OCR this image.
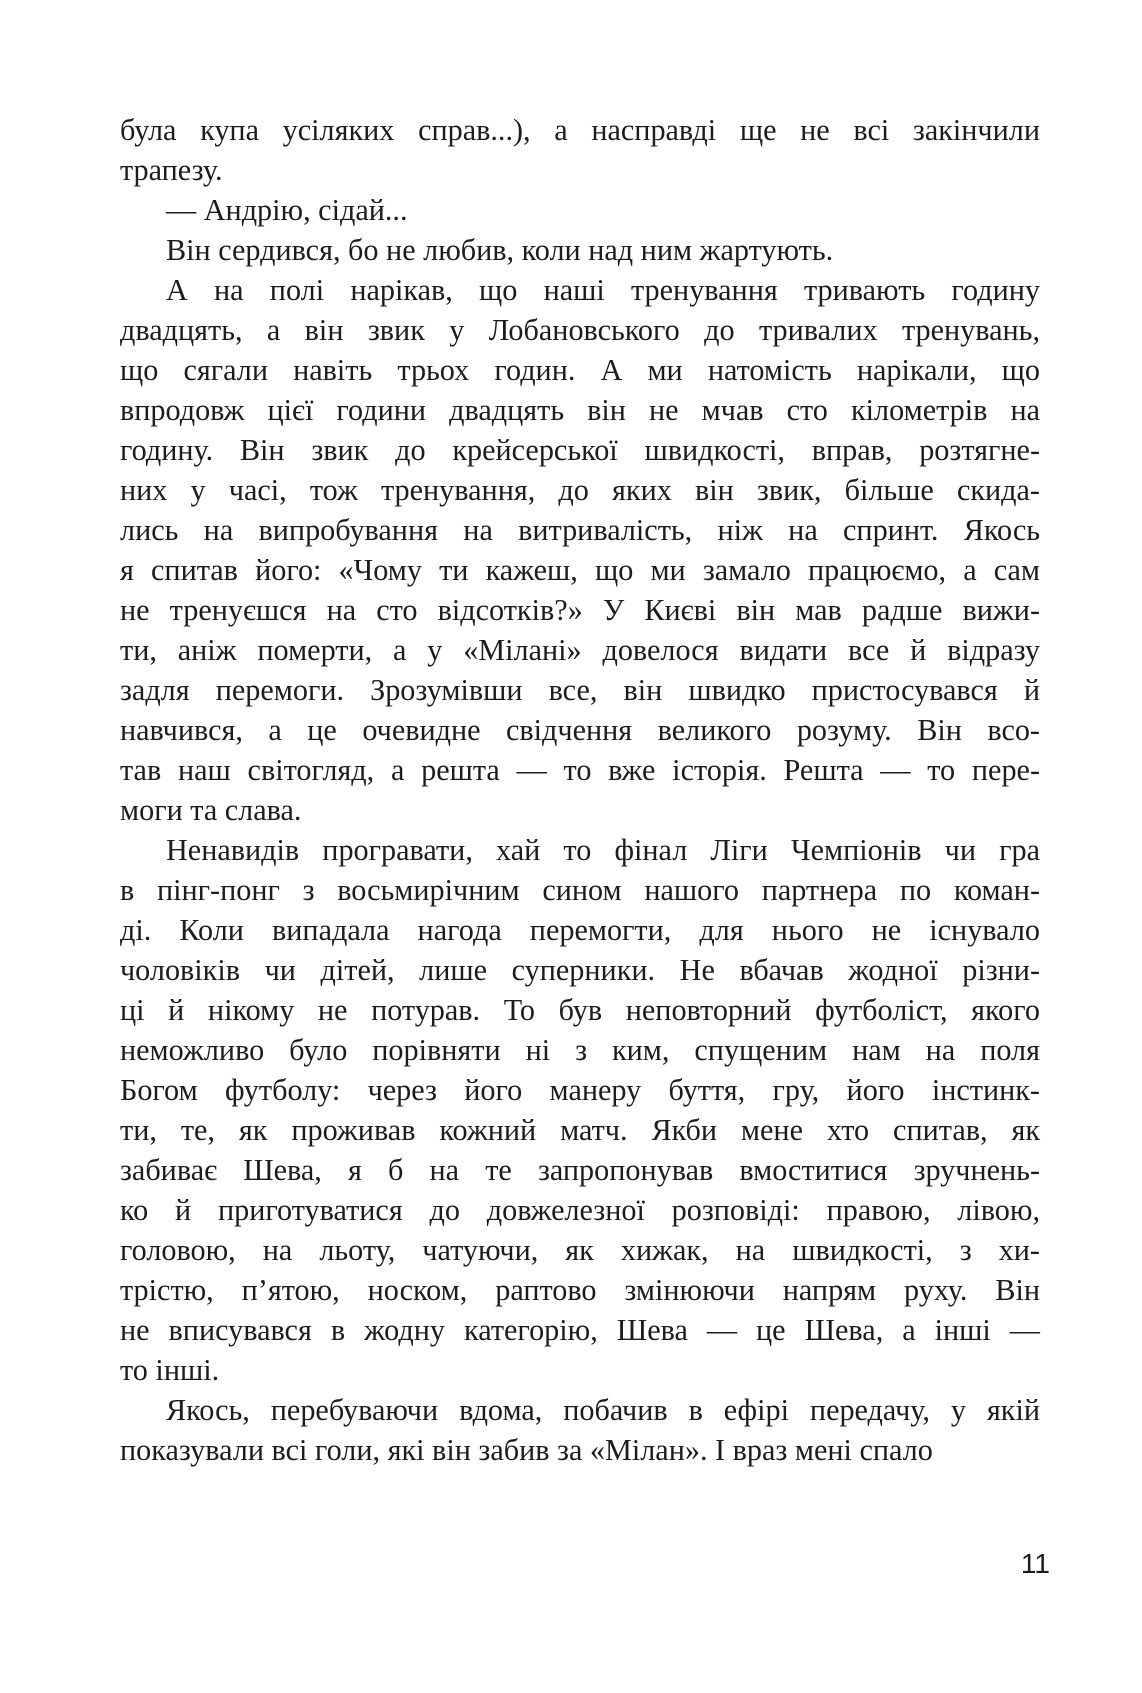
була купа усіляких справ...), а насправді ще не всі закінчили
трапезу.

— Андрію, сідай...

Він сердився, бо не любив, коли над ним жартують.

А на полі нарікав, що наші тренування тривають годину
двадцять, а він звик у Лобановського до тривалих тренувань,
що сягали навіть трьох годин. А ми натомість нарікали, що
впродовж цієї години двадцять він не мчав сто кілометрів на
годину. Він звик до крейсерської швидкості, вправ, розтягне-
них у часі, тож тренування, до яких він звик, більше скида-
лись на випробування на витривалість, ніж на спринт. Якось
я спитав його: «Чому ти кажеш, що ми замало працюємо, а сам
не тренуєшся на сто відсотків?» У Києві він мав радше вижи-
ти, аніж померти, а у «Мілані» довелося видати все й відразу
задля перемоги. Зрозумівши все, він швидко пристосувався й
навчився, а це очевидне свідчення великого розуму. Він всо-
тав наш світогляд, а решта — то вже історія. Решта — то пере-
моги та слава.

Ненавидів програвати, хай то фінал Ліги Чемпіонів чи гра
в пінг-понг з восьмирічним сином нашого партнера по коман-
ді. Коли випадала нагода перемогти, для нього не існувало
чоловіків чи дітей, лише суперники. Не вбачав жодної різни-
ці й нікому не потурав. То був неповторний футболіст, якого
неможливо було порівняти ні з ким, спущеним нам на поля
Богом футболу: через його манеру буття, гру, його інстинк-
ти, те, як проживав кожний матч. Якби мене хто спитав, як
забиває Шева, я б на те запропонував вмоститися зручнень-
ко й приготуватися до довжелезної розповіді: правою, лівою,
головою, на льоту, чатуючи, як хижак, на швидкості, з хи-
трістю, п’ятою, носком, раптово змінюючи напрям руху. Він
не вписувався в жодну категорію, Шева — це Шева, а інші —
то інші.

Якось, перебуваючи вдома, побачив в ефірі передачу, у якій
показували всі голи, які він забив за «Мілан». І враз мені спало

11
